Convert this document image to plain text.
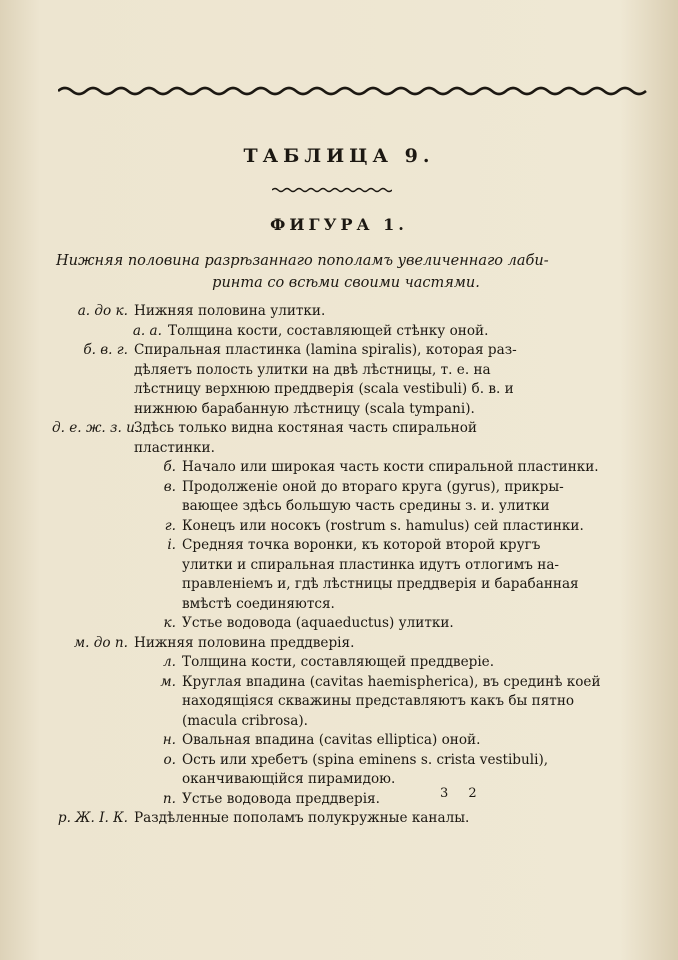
ТАБЛИЦА 9.
ФИГУРА 1.
Нижняя половина разрѣзаннаго пополамъ увеличеннаго лаби-
ринта со всѣми своими частями.
а. до к. Нижняя половина улитки.
а. а. Толщина кости, составляющей стѣнку оной.
б. в. г. Спиральная пластинка (lamina spiralis), которая раз-
дѣляетъ полость улитки на двѣ лѣстницы, т. е. на
лѣстницу верхнюю преддверія (scala vestibuli) б. в. и
нижнюю барабанную лѣстницу (scala tympani).
д. е. ж. з. и.
Здѣсь только видна костяная часть спиральной
пластинки.
б. Начало или широкая часть кости спиральной пластинки.
в. Продолженіе оной до втораго круга (gyrus), прикры-
вающее здѣсь большую часть средины з. и. улитки
г. Конецъ или носокъ (rostrum s. hamulus) сей пластинки.
і. Средняя точка воронки, къ которой второй кругъ
улитки и спиральная пластинка идутъ отлогимъ на-
правленіемъ и, гдѣ лѣстницы преддверія и барабанная
вмѣстѣ соединяются.
к. Устье водовода (aquaeductus) улитки.
м. до п. Нижняя половина преддверія.
л. Толщина кости, составляющей преддверіе.
м. Круглая впадина (cavitas haemispherica), въ срединѣ коей
находящіяся скважины представляютъ какъ бы пятно
(macula cribrosa).
н. Овальная впадина (cavitas elliptica) оной.
о. Ость или хребетъ (spina eminens s. crista vestibuli),
оканчивающійся пирамидою.
п. Устье водовода преддверія.
р. Ж. І. К. Раздѣленные пополамъ полукружные каналы.
3 2
